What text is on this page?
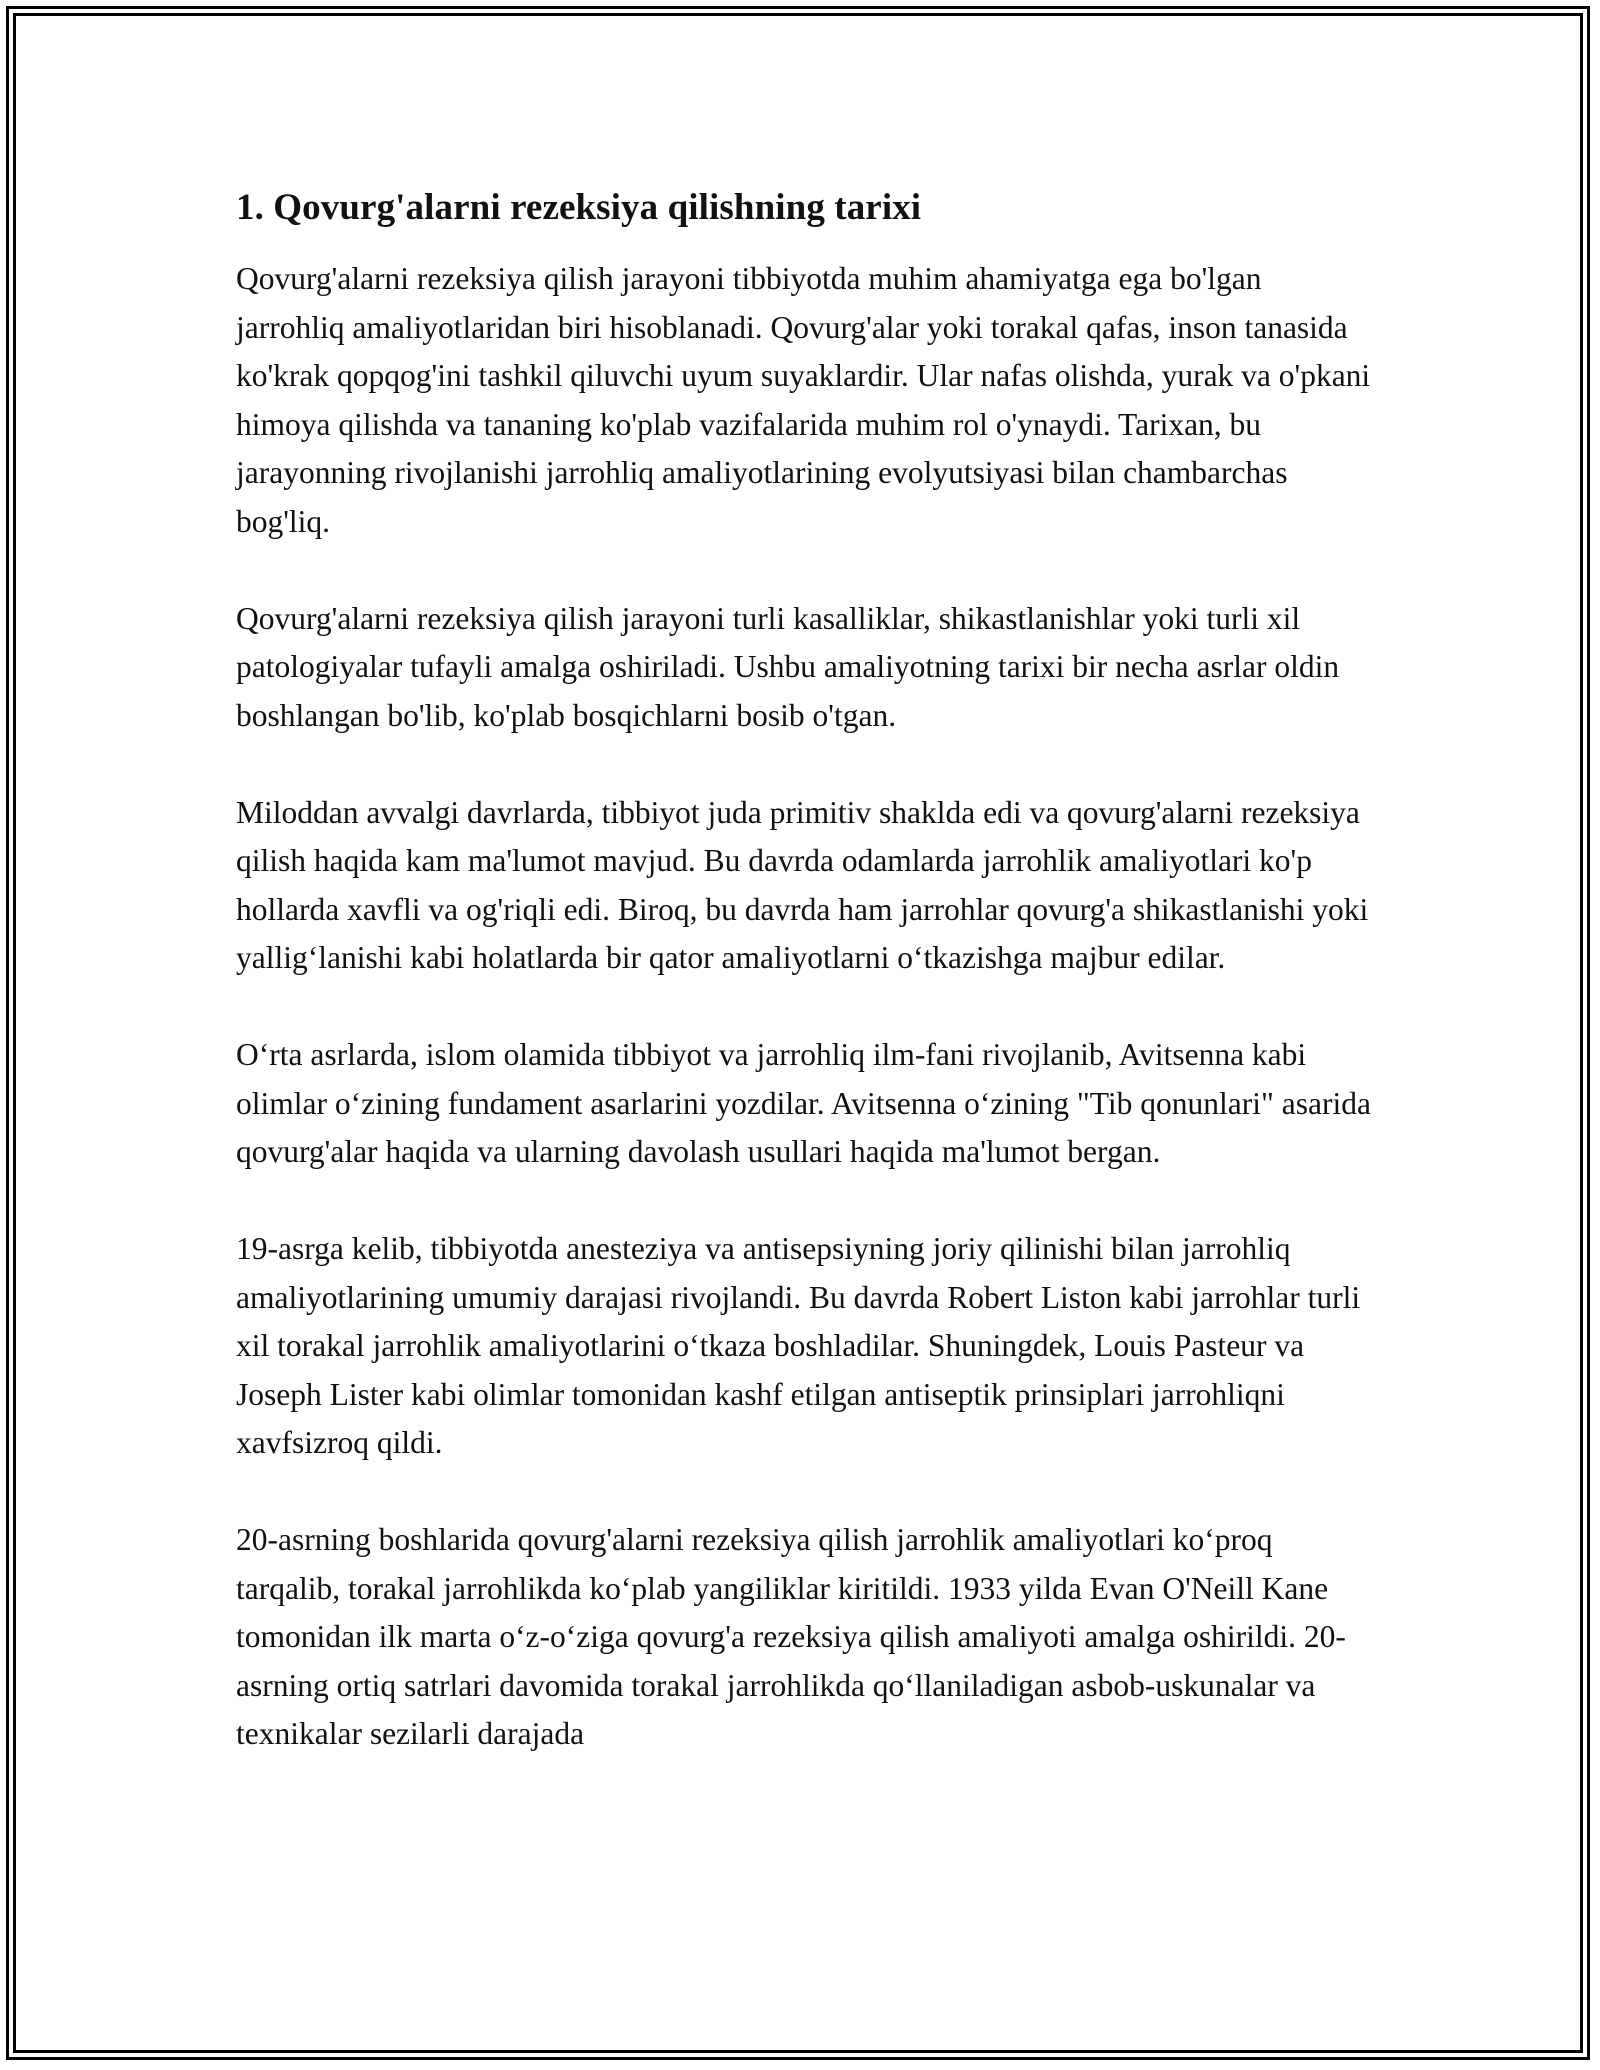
1. Qovurg'alarni rezeksiya qilishning tarixi

Qovurg'alarni rezeksiya qilish jarayoni tibbiyotda muhim ahamiyatga ega bo'lgan jarrohliq amaliyotlaridan biri hisoblanadi. Qovurg'alar yoki torakal qafas, inson tanasida ko'krak qopqog'ini tashkil qiluvchi uyum suyaklardir. Ular nafas olishda, yurak va o'pkani himoya qilishda va tananing ko'plab vazifalarida muhim rol o'ynaydi. Tarixan, bu jarayonning rivojlanishi jarrohliq amaliyotlarining evolyutsiyasi bilan chambarchas bog'liq.

Qovurg'alarni rezeksiya qilish jarayoni turli kasalliklar, shikastlanishlar yoki turli xil patologiyalar tufayli amalga oshiriladi. Ushbu amaliyotning tarixi bir necha asrlar oldin boshlangan bo'lib, ko'plab bosqichlarni bosib o'tgan.

Miloddan avvalgi davrlarda, tibbiyot juda primitiv shaklda edi va qovurg'alarni rezeksiya qilish haqida kam ma'lumot mavjud. Bu davrda odamlarda jarrohlik amaliyotlari ko'p hollarda xavfli va og'riqli edi. Biroq, bu davrda ham jarrohlar qovurg'a shikastlanishi yoki yallig‘lanishi kabi holatlarda bir qator amaliyotlarni o‘tkazishga majbur edilar.

O‘rta asrlarda, islom olamida tibbiyot va jarrohliq ilm-fani rivojlanib, Avitsenna kabi olimlar o‘zining fundament asarlarini yozdilar. Avitsenna o‘zining "Tib qonunlari" asarida qovurg'alar haqida va ularning davolash usullari haqida ma'lumot bergan.

19-asrga kelib, tibbiyotda anesteziya va antisepsiyning joriy qilinishi bilan jarrohliq amaliyotlarining umumiy darajasi rivojlandi. Bu davrda Robert Liston kabi jarrohlar turli xil torakal jarrohlik amaliyotlarini o‘tkaza boshladilar. Shuningdek, Louis Pasteur va Joseph Lister kabi olimlar tomonidan kashf etilgan antiseptik prinsiplari jarrohliqni xavfsizroq qildi.

20-asrning boshlarida qovurg'alarni rezeksiya qilish jarrohlik amaliyotlari ko‘proq tarqalib, torakal jarrohlikda ko‘plab yangiliklar kiritildi. 1933 yilda Evan O'Neill Kane tomonidan ilk marta o‘z-o‘ziga qovurg'a rezeksiya qilish amaliyoti amalga oshirildi. 20-asrning ortiq satrlari davomida torakal jarrohlikda qo‘llaniladigan asbob-uskunalar va texnikalar sezilarli darajada
